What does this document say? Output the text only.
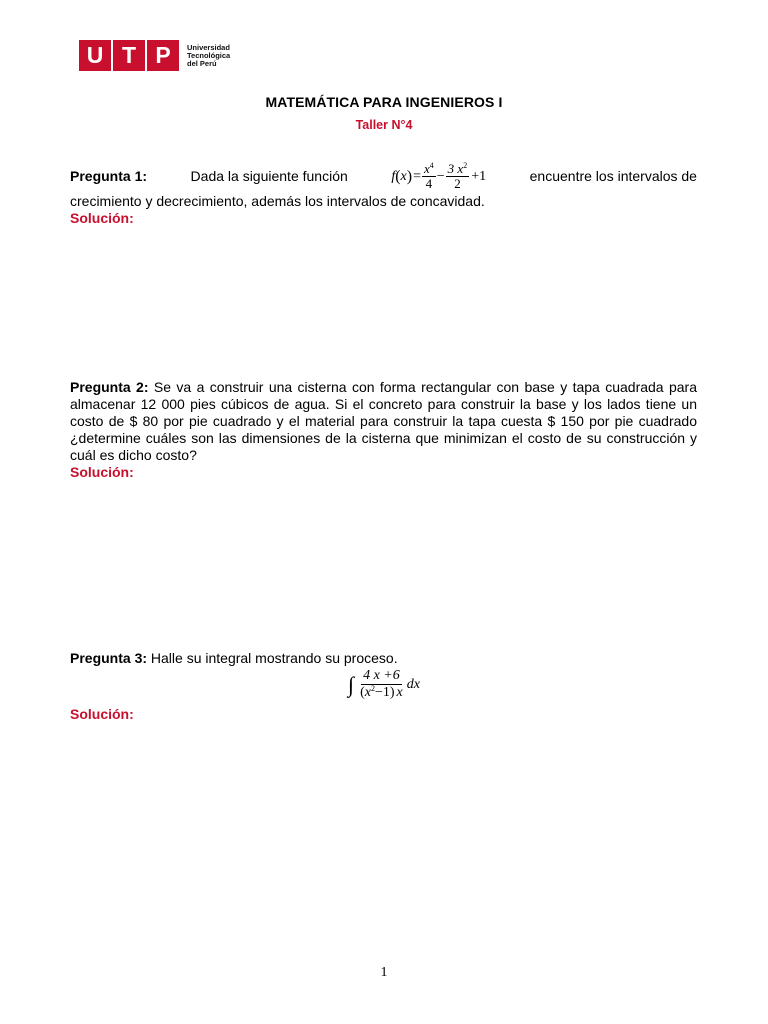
U T P	Universidad
Tecnológica
del Perú
MATEMÁTICA PARA INGENIEROS I
Taller N°4
Pregunta 1:	Dada la siguiente función	f ( x ) = $\frac{x^4}{4} - \frac{3 x^2}{2} +1$	encuentre los intervalos de
crecimiento y decrecimiento, además los intervalos de concavidad.
Solución:
Pregunta 2: Se va a construir una cisterna con forma rectangular con base y tapa cuadrada para almacenar 12 000 pies cúbicos de agua. Si el concreto para construir la base y los lados tiene un costo de $ 80 por pie cuadrado y el material para construir la tapa cuesta $ 150 por pie cuadrado ¿determine cuáles son las dimensiones de la cisterna que minimizan el costo de su construcción y cuál es dicho costo?
Solución:
Pregunta 3: Halle su integral mostrando su proceso.
∫ $\frac{4 x +6}{(x^2-1) x}$ dx
Solución:
1
